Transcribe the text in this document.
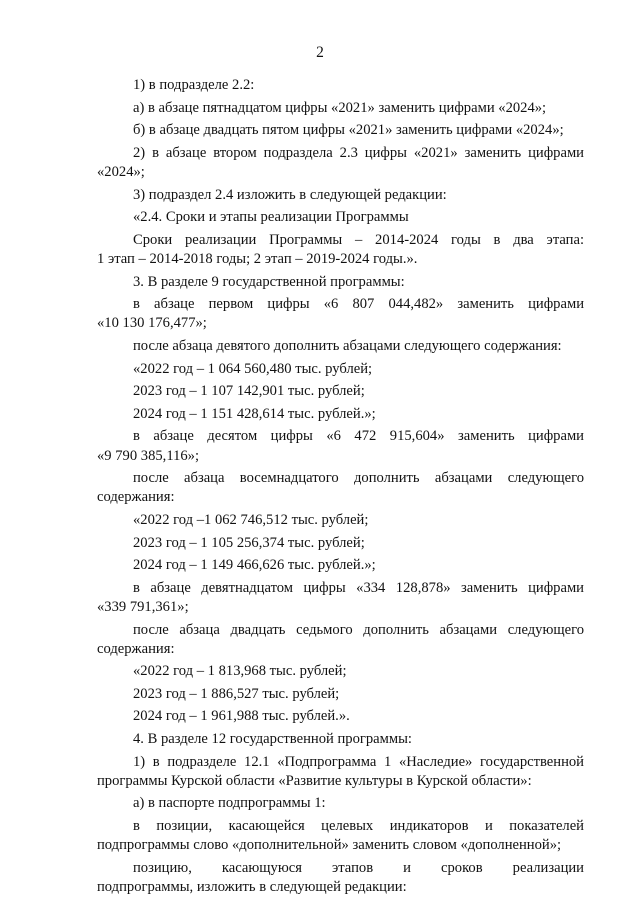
2
1) в подразделе 2.2:
а) в абзаце пятнадцатом цифры «2021» заменить цифрами «2024»;
б) в абзаце двадцать пятом цифры «2021» заменить цифрами «2024»;
2) в абзаце втором подраздела 2.3 цифры «2021» заменить цифрами
«2024»;
3) подраздел 2.4 изложить в следующей редакции:
«2.4. Сроки и этапы реализации Программы
Сроки реализации Программы – 2014-2024 годы в два этапа:
1 этап – 2014-2018 годы; 2 этап – 2019-2024 годы.».
3. В разделе 9 государственной программы:
в абзаце первом цифры «6 807 044,482» заменить цифрами
«10 130 176,477»;
после абзаца девятого дополнить абзацами следующего содержания:
«2022 год – 1 064 560,480 тыс. рублей;
2023 год – 1 107 142,901 тыс. рублей;
2024 год – 1 151 428,614 тыс. рублей.»;
в абзаце десятом цифры «6 472 915,604» заменить цифрами
«9 790 385,116»;
после абзаца восемнадцатого дополнить абзацами следующего
содержания:
«2022 год –1 062 746,512 тыс. рублей;
2023 год – 1 105 256,374 тыс. рублей;
2024 год – 1 149 466,626 тыс. рублей.»;
в абзаце девятнадцатом цифры «334 128,878» заменить цифрами
«339 791,361»;
после абзаца двадцать седьмого дополнить абзацами следующего
содержания:
«2022 год – 1 813,968 тыс. рублей;
2023 год – 1 886,527 тыс. рублей;
2024 год – 1 961,988 тыс. рублей.».
4. В разделе 12 государственной программы:
1) в подразделе 12.1 «Подпрограмма 1 «Наследие» государственной
программы Курской области «Развитие культуры в Курской области»:
а) в паспорте подпрограммы 1:
в позиции, касающейся целевых индикаторов и показателей
подпрограммы слово «дополнительной» заменить словом «дополненной»;
позицию, касающуюся этапов и сроков реализации
подпрограммы, изложить в следующей редакции:
